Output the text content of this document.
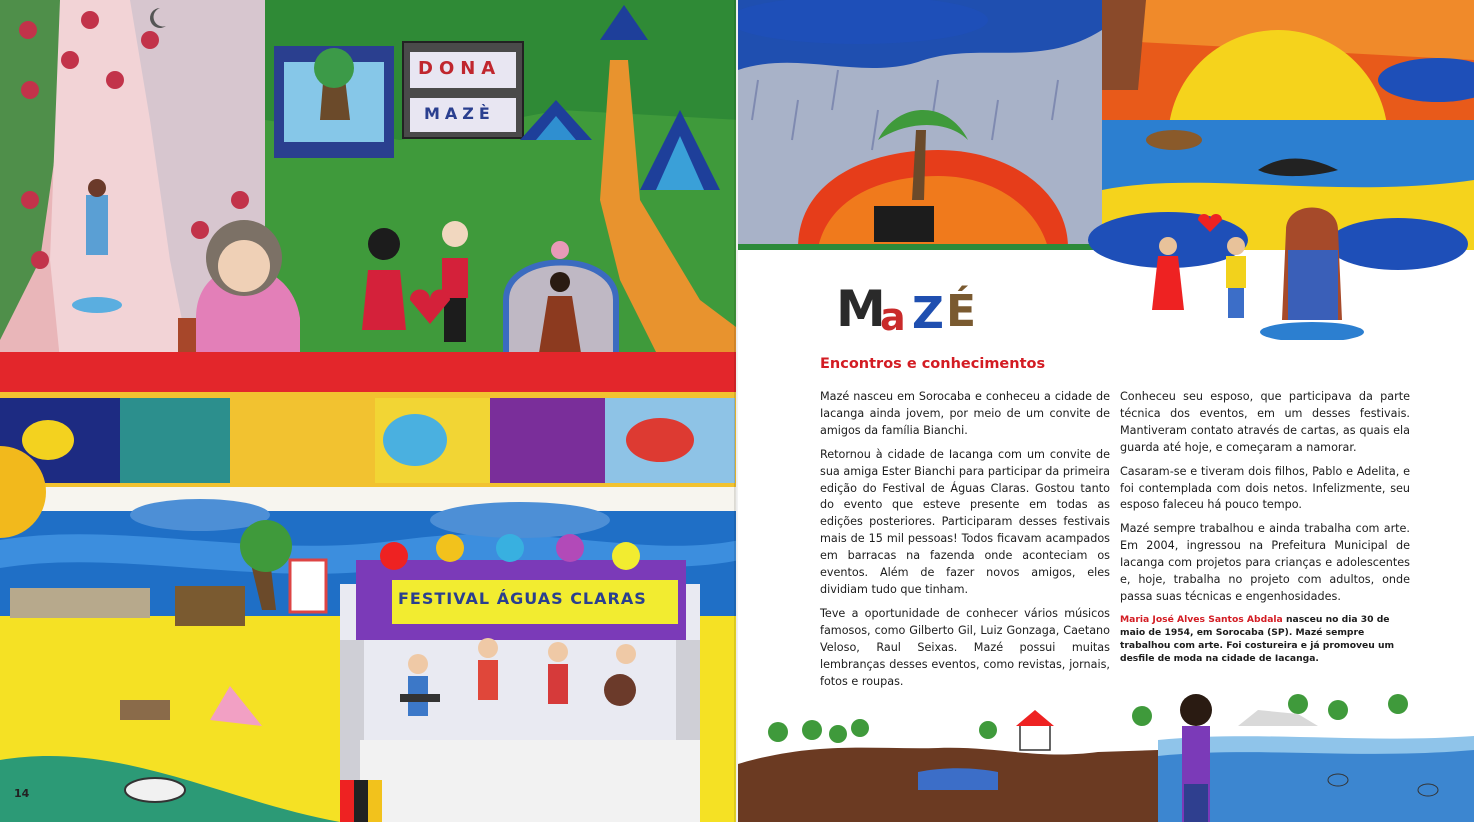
DONA
MAZÈ
FESTIVAL ÁGUAS CLARAS
14
M
a Z É
Encontros e conhecimentos

Mazé nasceu em Sorocaba e conheceu a cidade de Iacanga ainda jovem, por meio de um convite de amigos da família Bianchi.

Retornou à cidade de Iacanga com um convite de sua amiga Ester Bianchi para participar da primeira edição do Festival de Águas Claras. Gostou tanto do evento que esteve presente em todas as edições posteriores. Participaram desses festivais mais de 15 mil pessoas! Todos ficavam acampados em barracas na fazenda onde aconteciam os eventos. Além de fazer novos amigos, eles dividiam tudo que tinham.

Teve a oportunidade de conhecer vários músicos famosos, como Gilberto Gil, Luiz Gonzaga, Caetano Veloso, Raul Seixas. Mazé possui muitas lembranças desses eventos, como revistas, jornais, fotos e roupas.

Conheceu seu esposo, que participava da parte técnica dos eventos, em um desses festivais. Mantiveram contato através de cartas, as quais ela guarda até hoje, e começaram a namorar.

Casaram-se e tiveram dois filhos, Pablo e Adelita, e foi contemplada com dois netos. Infelizmente, seu esposo faleceu há pouco tempo.

Mazé sempre trabalhou e ainda trabalha com arte. Em 2004, ingressou na Prefeitura Municipal de Iacanga com projetos para crianças e adolescentes e, hoje, trabalha no projeto com adultos, onde passa suas técnicas e engenhosidades.

Maria José Alves Santos Abdala nasceu no dia 30 de maio de 1954, em Sorocaba (SP). Mazé sempre trabalhou com arte. Foi costureira e já promoveu um desfile de moda na cidade de Iacanga.
